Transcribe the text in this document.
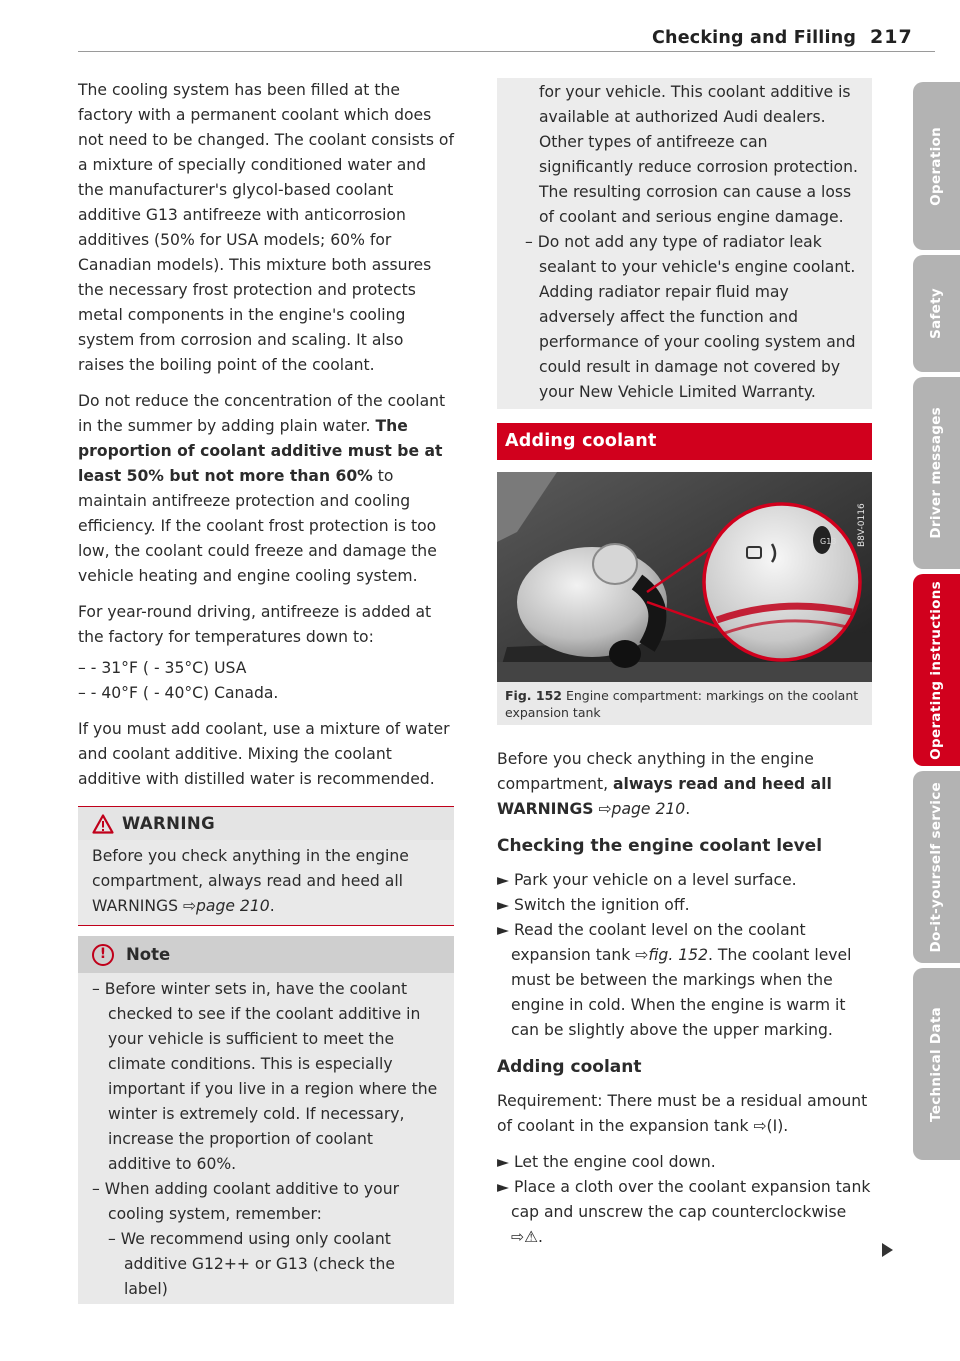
Checking and Filling 217

The cooling system has been filled at the factory with a permanent coolant which does not need to be changed. The coolant consists of a mixture of specially conditioned water and the manufacturer's glycol-based coolant additive G13 antifreeze with anticorrosion additives (50% for USA models; 60% for Canadian models). This mixture both assures the necessary frost protection and protects metal components in the engine's cooling system from corrosion and scaling. It also raises the boiling point of the coolant.

Do not reduce the concentration of the coolant in the summer by adding plain water. The proportion of coolant additive must be at least 50% but not more than 60% to maintain antifreeze protection and cooling efficiency. If the coolant frost protection is too low, the coolant could freeze and damage the vehicle heating and engine cooling system.

For year-round driving, antifreeze is added at the factory for temperatures down to:

– - 31°F ( - 35°C) USA

– - 40°F ( - 40°C) Canada.

If you must add coolant, use a mixture of water and coolant additive. Mixing the coolant additive with distilled water is recommended.

WARNING
Before you check anything in the engine compartment, always read and heed all WARNINGS ⇨page 210.
!	Note

– Before winter sets in, have the coolant checked to see if the coolant additive in your vehicle is sufficient to meet the climate conditions. This is especially important if you live in a region where the winter is extremely cold. If necessary, increase the proportion of coolant additive to 60%.

– When adding coolant additive to your cooling system, remember:

– We recommend using only coolant additive G12++ or G13 (check the label)

for your vehicle. This coolant additive is available at authorized Audi dealers. Other types of antifreeze can significantly reduce corrosion protection. The resulting corrosion can cause a loss of coolant and serious engine damage.

– Do not add any type of radiator leak sealant to your vehicle's engine coolant. Adding radiator repair fluid may adversely affect the function and performance of your cooling system and could result in damage not covered by your New Vehicle Limited Warranty.

Adding coolant
G13 B8V-0116
Fig. 152 Engine compartment: markings on the coolant expansion tank

Before you check anything in the engine compartment, always read and heed all WARNINGS ⇨page 210.

Checking the engine coolant level

► Park your vehicle on a level surface.

► Switch the ignition off.

► Read the coolant level on the coolant expansion tank ⇨fig. 152. The coolant level must be between the markings when the engine in cold. When the engine is warm it can be slightly above the upper marking.

Adding coolant

Requirement: There must be a residual amount of coolant in the expansion tank ⇨(I).

► Let the engine cool down.

► Place a cloth over the coolant expansion tank cap and unscrew the cap counterclockwise ⇨⚠.

Operation
Safety
Driver messages
Operating instructions
Do-it-yourself service
Technical Data
